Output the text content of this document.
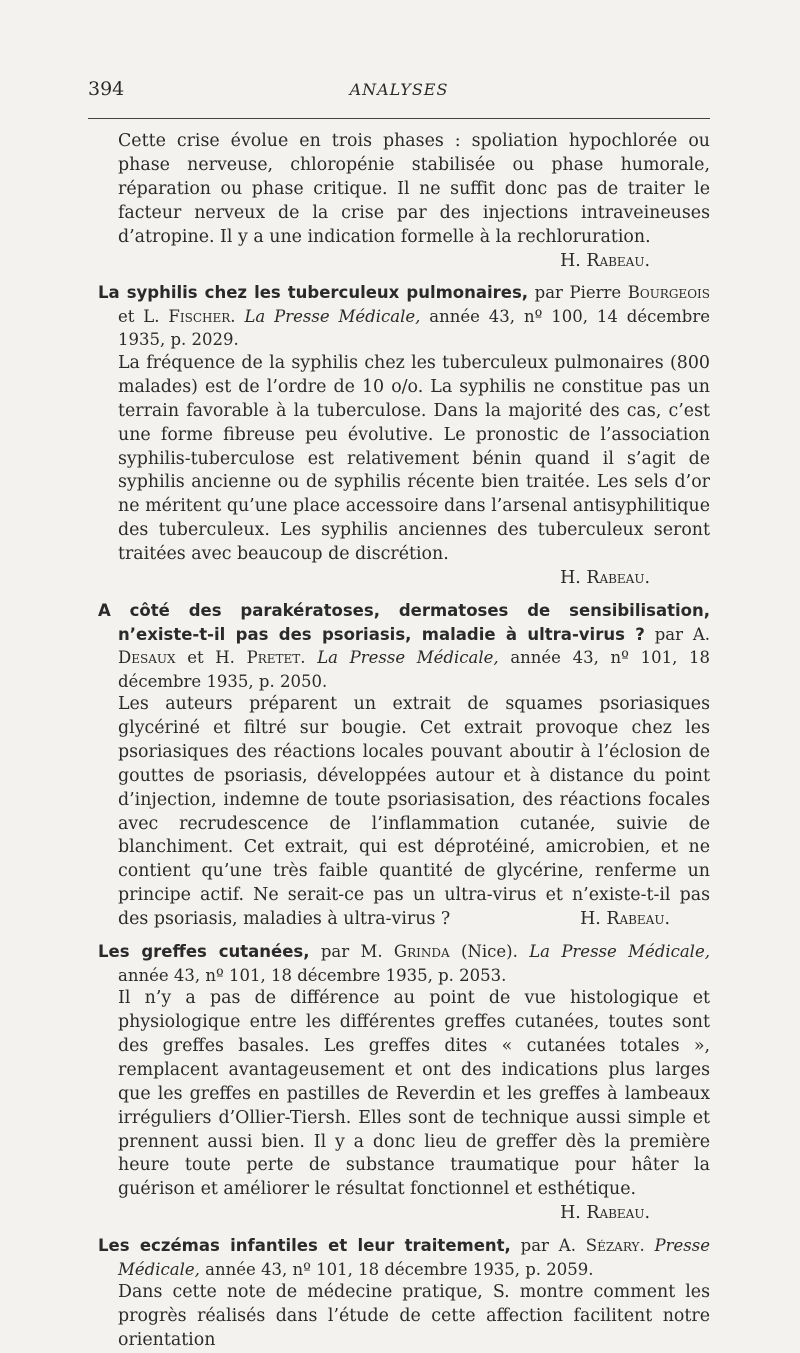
394	ANALYSES

Cette crise évolue en trois phases : spoliation hypochlorée ou phase nerveuse, chloropénie stabilisée ou phase humorale, réparation ou phase critique. Il ne suffit donc pas de traiter le facteur nerveux de la crise par des injections intraveineuses d’atropine. Il y a une indication formelle à la rechloruration.

H. Rabeau.

La syphilis chez les tuberculeux pulmonaires, par Pierre Bourgeois et L. Fischer. La Presse Médicale, année 43, nº 100, 14 décembre 1935, p. 2029.

La fréquence de la syphilis chez les tuberculeux pulmonaires (800 malades) est de l’ordre de 10 o/o. La syphilis ne constitue pas un terrain favorable à la tuberculose. Dans la majorité des cas, c’est une forme fibreuse peu évolutive. Le pronostic de l’association syphilis-tuberculose est relativement bénin quand il s’agit de syphilis ancienne ou de syphilis récente bien traitée. Les sels d’or ne méritent qu’une place accessoire dans l’arsenal antisyphilitique des tuberculeux. Les syphilis anciennes des tuberculeux seront traitées avec beaucoup de discrétion.

H. Rabeau.

A côté des parakératoses, dermatoses de sensibilisation, n’existe-t-il pas des psoriasis, maladie à ultra-virus ? par A. Desaux et H. Pretet. La Presse Médicale, année 43, nº 101, 18 décembre 1935, p. 2050.

Les auteurs préparent un extrait de squames psoriasiques glycériné et filtré sur bougie. Cet extrait provoque chez les psoriasiques des réactions locales pouvant aboutir à l’éclosion de gouttes de psoriasis, développées autour et à distance du point d’injection, indemne de toute psoriasisation, des réactions focales avec recrudescence de l’inflammation cutanée, suivie de blanchiment. Cet extrait, qui est déprotéiné, amicrobien, et ne contient qu’une très faible quantité de glycérine, renferme un principe actif. Ne serait-ce pas un ultra-virus et n’existe-t-il pas des psoriasis, maladies à ultra-virus ?	H. Rabeau.

Les greffes cutanées, par M. Grinda (Nice). La Presse Médicale, année 43, nº 101, 18 décembre 1935, p. 2053.

Il n’y a pas de différence au point de vue histologique et physiologique entre les différentes greffes cutanées, toutes sont des greffes basales. Les greffes dites « cutanées totales », remplacent avantageusement et ont des indications plus larges que les greffes en pastilles de Reverdin et les greffes à lambeaux irréguliers d’Ollier-Tiersh. Elles sont de technique aussi simple et prennent aussi bien. Il y a donc lieu de greffer dès la première heure toute perte de substance traumatique pour hâter la guérison et améliorer le résultat fonctionnel et esthétique.

H. Rabeau.

Les eczémas infantiles et leur traitement, par A. Sézary. Presse Médicale, année 43, nº 101, 18 décembre 1935, p. 2059.

Dans cette note de médecine pratique, S. montre comment les progrès réalisés dans l’étude de cette affection facilitent notre orientation
